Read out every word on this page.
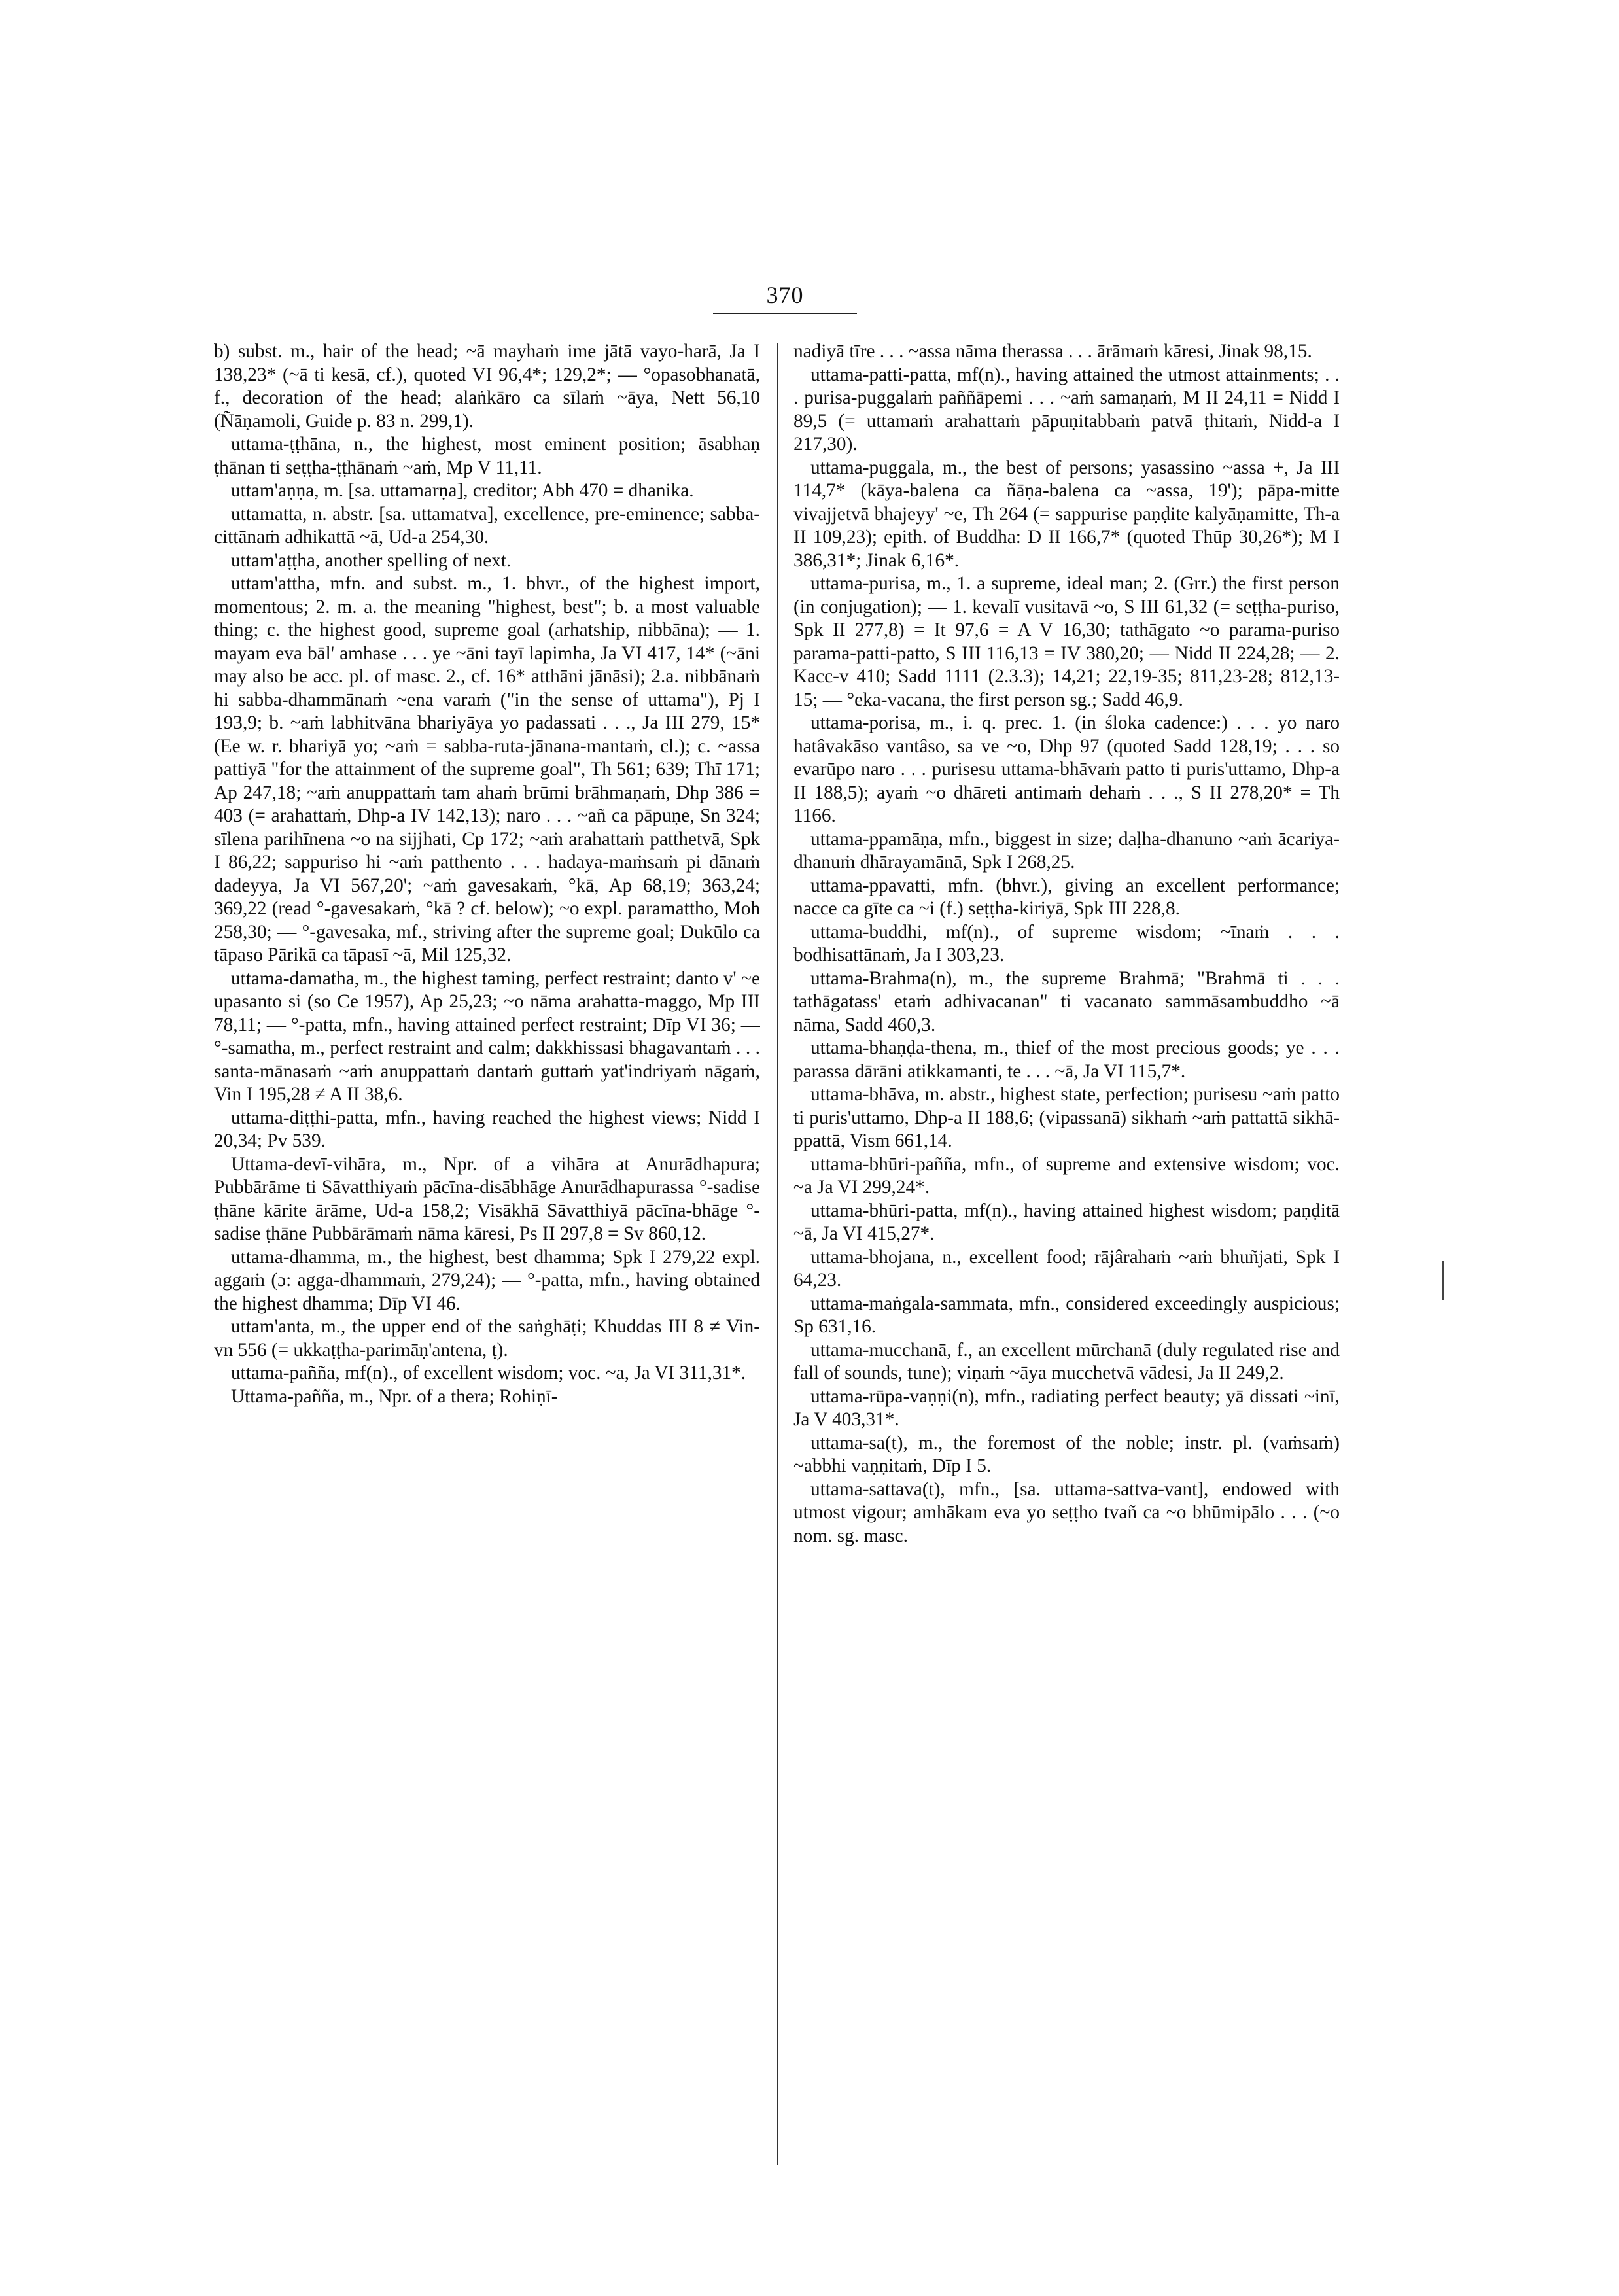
370

b) subst. m., hair of the head; ~ā mayhaṁ ime jātā vayo-harā, Ja I 138,23* (~ā ti kesā, cf.), quoted VI 96,4*; 129,2*; — °opasobhanatā, f., decoration of the head; alaṅkāro ca sīlaṁ ~āya, Nett 56,10 (Ñāṇamoli, Guide p. 83 n. 299,1).

uttama-ṭṭhāna, n., the highest, most eminent position; āsabhaṇ ṭhānan ti seṭṭha-ṭṭhānaṁ ~aṁ, Mp V 11,11.

uttam'aṇṇa, m. [sa. uttamarṇa], creditor; Abh 470 = dhanika.

uttamatta, n. abstr. [sa. uttamatva], excellence, pre-eminence; sabba-cittānaṁ adhikattā ~ā, Ud-a 254,30.

uttam'aṭṭha, another spelling of next.

uttam'attha, mfn. and subst. m., 1. bhvr., of the highest import, momentous; 2. m. a. the meaning "highest, best"; b. a most valuable thing; c. the highest good, supreme goal (arhatship, nibbāna); — 1. mayam eva bāl' amhase . . . ye ~āni tayī lapimha, Ja VI 417, 14* (~āni may also be acc. pl. of masc. 2., cf. 16* atthāni jānāsi); 2.a. nibbānaṁ hi sabba-dhammānaṁ ~ena varaṁ ("in the sense of uttama"), Pj I 193,9; b. ~aṁ labhitvāna bhariyāya yo padassati . . ., Ja III 279, 15* (Ee w. r. bhariyā yo; ~aṁ = sabba-ruta-jānana-mantaṁ, cl.); c. ~assa pattiyā "for the attainment of the supreme goal", Th 561; 639; Thī 171; Ap 247,18; ~aṁ anuppattaṁ tam ahaṁ brūmi brāhmaṇaṁ, Dhp 386 = 403 (= arahattaṁ, Dhp-a IV 142,13); naro . . . ~añ ca pāpuṇe, Sn 324; sīlena parihīnena ~o na sijjhati, Cp 172; ~aṁ arahattaṁ patthetvā, Spk I 86,22; sappuriso hi ~aṁ patthento . . . hadaya-maṁsaṁ pi dānaṁ dadeyya, Ja VI 567,20'; ~aṁ gavesakaṁ, °kā, Ap 68,19; 363,24; 369,22 (read °-gavesakaṁ, °kā ? cf. below); ~o expl. paramattho, Moh 258,30; — °-gavesaka, mf., striving after the supreme goal; Dukūlo ca tāpaso Pārikā ca tāpasī ~ā, Mil 125,32.

uttama-damatha, m., the highest taming, perfect restraint; danto v' ~e upasanto si (so Ce 1957), Ap 25,23; ~o nāma arahatta-maggo, Mp III 78,11; — °-patta, mfn., having attained perfect restraint; Dīp VI 36; — °-samatha, m., perfect restraint and calm; dakkhissasi bhagavantaṁ . . . santa-mānasaṁ ~aṁ anuppattaṁ dantaṁ guttaṁ yat'indriyaṁ nāgaṁ, Vin I 195,28 ≠ A II 38,6.

uttama-diṭṭhi-patta, mfn., having reached the highest views; Nidd I 20,34; Pv 539.

Uttama-devī-vihāra, m., Npr. of a vihāra at Anurādhapura; Pubbārāme ti Sāvatthiyaṁ pācīna-disābhāge Anurādhapurassa °-sadise ṭhāne kārite ārāme, Ud-a 158,2; Visākhā Sāvatthiyā pācīna-bhāge °-sadise ṭhāne Pubbārāmaṁ nāma kāresi, Ps II 297,8 = Sv 860,12.

uttama-dhamma, m., the highest, best dhamma; Spk I 279,22 expl. aggaṁ (ɔ: agga-dhammaṁ, 279,24); — °-patta, mfn., having obtained the highest dhamma; Dīp VI 46.

uttam'anta, m., the upper end of the saṅghāṭi; Khuddas III 8 ≠ Vin-vn 556 (= ukkaṭṭha-parimāṇ'antena, ṭ).

uttama-pañña, mf(n)., of excellent wisdom; voc. ~a, Ja VI 311,31*.

Uttama-pañña, m., Npr. of a thera; Rohiṇī-

nadiyā tīre . . . ~assa nāma therassa . . . ārāmaṁ kāresi, Jinak 98,15.

uttama-patti-patta, mf(n)., having attained the utmost attainments; . . . purisa-puggalaṁ paññāpemi . . . ~aṁ samaṇaṁ, M II 24,11 = Nidd I 89,5 (= uttamaṁ arahattaṁ pāpuṇitabbaṁ patvā ṭhitaṁ, Nidd-a I 217,30).

uttama-puggala, m., the best of persons; yasassino ~assa +, Ja III 114,7* (kāya-balena ca ñāṇa-balena ca ~assa, 19'); pāpa-mitte vivajjetvā bhajeyy' ~e, Th 264 (= sappurise paṇḍite kalyāṇamitte, Th-a II 109,23); epith. of Buddha: D II 166,7* (quoted Thūp 30,26*); M I 386,31*; Jinak 6,16*.

uttama-purisa, m., 1. a supreme, ideal man; 2. (Grr.) the first person (in conjugation); — 1. kevalī vusitavā ~o, S III 61,32 (= seṭṭha-puriso, Spk II 277,8) = It 97,6 = A V 16,30; tathāgato ~o parama-puriso parama-patti-patto, S III 116,13 = IV 380,20; — Nidd II 224,28; — 2. Kacc-v 410; Sadd 1111 (2.3.3); 14,21; 22,19-35; 811,23-28; 812,13-15; — °eka-vacana, the first person sg.; Sadd 46,9.

uttama-porisa, m., i. q. prec. 1. (in śloka cadence:) . . . yo naro hatâvakāso vantâso, sa ve ~o, Dhp 97 (quoted Sadd 128,19; . . . so evarūpo naro . . . purisesu uttama-bhāvaṁ patto ti puris'uttamo, Dhp-a II 188,5); ayaṁ ~o dhāreti antimaṁ dehaṁ . . ., S II 278,20* = Th 1166.

uttama-ppamāṇa, mfn., biggest in size; daḷha-dhanuno ~aṁ ācariya-dhanuṁ dhārayamānā, Spk I 268,25.

uttama-ppavatti, mfn. (bhvr.), giving an excellent performance; nacce ca gīte ca ~i (f.) seṭṭha-kiriyā, Spk III 228,8.

uttama-buddhi, mf(n)., of supreme wisdom; ~īnaṁ . . . bodhisattānaṁ, Ja I 303,23.

uttama-Brahma(n), m., the supreme Brahmā; "Brahmā ti . . . tathāgatass' etaṁ adhivacanan" ti vacanato sammāsambuddho ~ā nāma, Sadd 460,3.

uttama-bhaṇḍa-thena, m., thief of the most precious goods; ye . . . parassa dārāni atikkamanti, te . . . ~ā, Ja VI 115,7*.

uttama-bhāva, m. abstr., highest state, perfection; purisesu ~aṁ patto ti puris'uttamo, Dhp-a II 188,6; (vipassanā) sikhaṁ ~aṁ pattattā sikhā-ppattā, Vism 661,14.

uttama-bhūri-pañña, mfn., of supreme and extensive wisdom; voc. ~a Ja VI 299,24*.

uttama-bhūri-patta, mf(n)., having attained highest wisdom; paṇḍitā ~ā, Ja VI 415,27*.

uttama-bhojana, n., excellent food; rājârahaṁ ~aṁ bhuñjati, Spk I 64,23.

uttama-maṅgala-sammata, mfn., considered exceedingly auspicious; Sp 631,16.

uttama-mucchanā, f., an excellent mūrchanā (duly regulated rise and fall of sounds, tune); viṇaṁ ~āya mucchetvā vādesi, Ja II 249,2.

uttama-rūpa-vaṇṇi(n), mfn., radiating perfect beauty; yā dissati ~inī, Ja V 403,31*.

uttama-sa(t), m., the foremost of the noble; instr. pl. (vaṁsaṁ) ~abbhi vaṇṇitaṁ, Dīp I 5.

uttama-sattava(t), mfn., [sa. uttama-sattva-vant], endowed with utmost vigour; amhākam eva yo seṭṭho tvañ ca ~o bhūmipālo . . . (~o nom. sg. masc.
